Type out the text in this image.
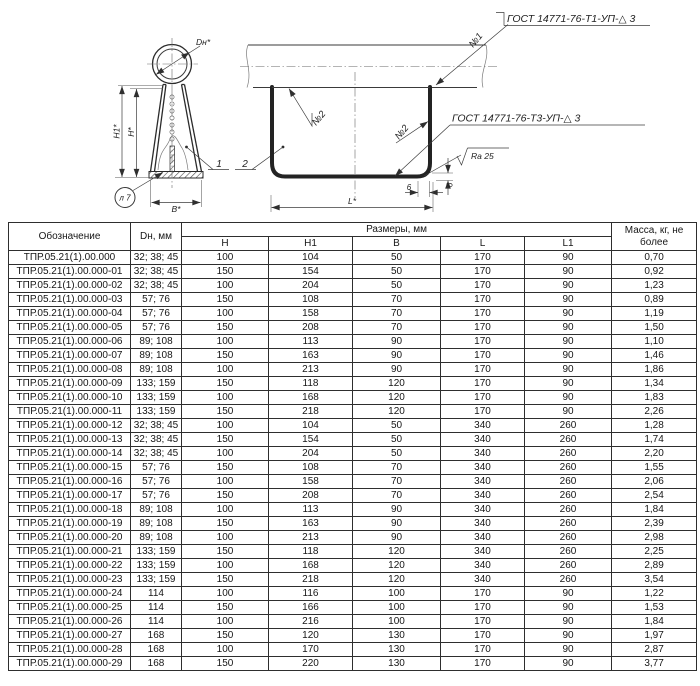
Dн*
H1* H*
B*
л 7
1 2
№1
ГОСТ 14771-76-Т1-УП-△ 3
№2
№2
ГОСТ 14771-76-Т3-УП-△ 3
Ra 25
6	6
L*
Обозначение	Dн, мм	Размеры, мм					Масса, кг, не более
		H	H1	B	L	L1	
ТПР.05.21(1).00.000	32; 38; 45	100	104	50	170	90	0,70
ТПР.05.21(1).00.000-01	32; 38; 45	150	154	50	170	90	0,92
ТПР.05.21(1).00.000-02	32; 38; 45	100	204	50	170	90	1,23
ТПР.05.21(1).00.000-03	57; 76	150	108	70	170	90	0,89
ТПР.05.21(1).00.000-04	57; 76	100	158	70	170	90	1,19
ТПР.05.21(1).00.000-05	57; 76	150	208	70	170	90	1,50
ТПР.05.21(1).00.000-06	89; 108	100	113	90	170	90	1,10
ТПР.05.21(1).00.000-07	89; 108	150	163	90	170	90	1,46
ТПР.05.21(1).00.000-08	89; 108	100	213	90	170	90	1,86
ТПР.05.21(1).00.000-09	133; 159	150	118	120	170	90	1,34
ТПР.05.21(1).00.000-10	133; 159	100	168	120	170	90	1,83
ТПР.05.21(1).00.000-11	133; 159	150	218	120	170	90	2,26
ТПР.05.21(1).00.000-12	32; 38; 45	100	104	50	340	260	1,28
ТПР.05.21(1).00.000-13	32; 38; 45	150	154	50	340	260	1,74
ТПР.05.21(1).00.000-14	32; 38; 45	100	204	50	340	260	2,20
ТПР.05.21(1).00.000-15	57; 76	150	108	70	340	260	1,55
ТПР.05.21(1).00.000-16	57; 76	100	158	70	340	260	2,06
ТПР.05.21(1).00.000-17	57; 76	150	208	70	340	260	2,54
ТПР.05.21(1).00.000-18	89; 108	100	113	90	340	260	1,84
ТПР.05.21(1).00.000-19	89; 108	150	163	90	340	260	2,39
ТПР.05.21(1).00.000-20	89; 108	100	213	90	340	260	2,98
ТПР.05.21(1).00.000-21	133; 159	150	118	120	340	260	2,25
ТПР.05.21(1).00.000-22	133; 159	100	168	120	340	260	2,89
ТПР.05.21(1).00.000-23	133; 159	150	218	120	340	260	3,54
ТПР.05.21(1).00.000-24	114	100	116	100	170	90	1,22
ТПР.05.21(1).00.000-25	114	150	166	100	170	90	1,53
ТПР.05.21(1).00.000-26	114	100	216	100	170	90	1,84
ТПР.05.21(1).00.000-27	168	150	120	130	170	90	1,97
ТПР.05.21(1).00.000-28	168	100	170	130	170	90	2,87
ТПР.05.21(1).00.000-29	168	150	220	130	170	90	3,77
